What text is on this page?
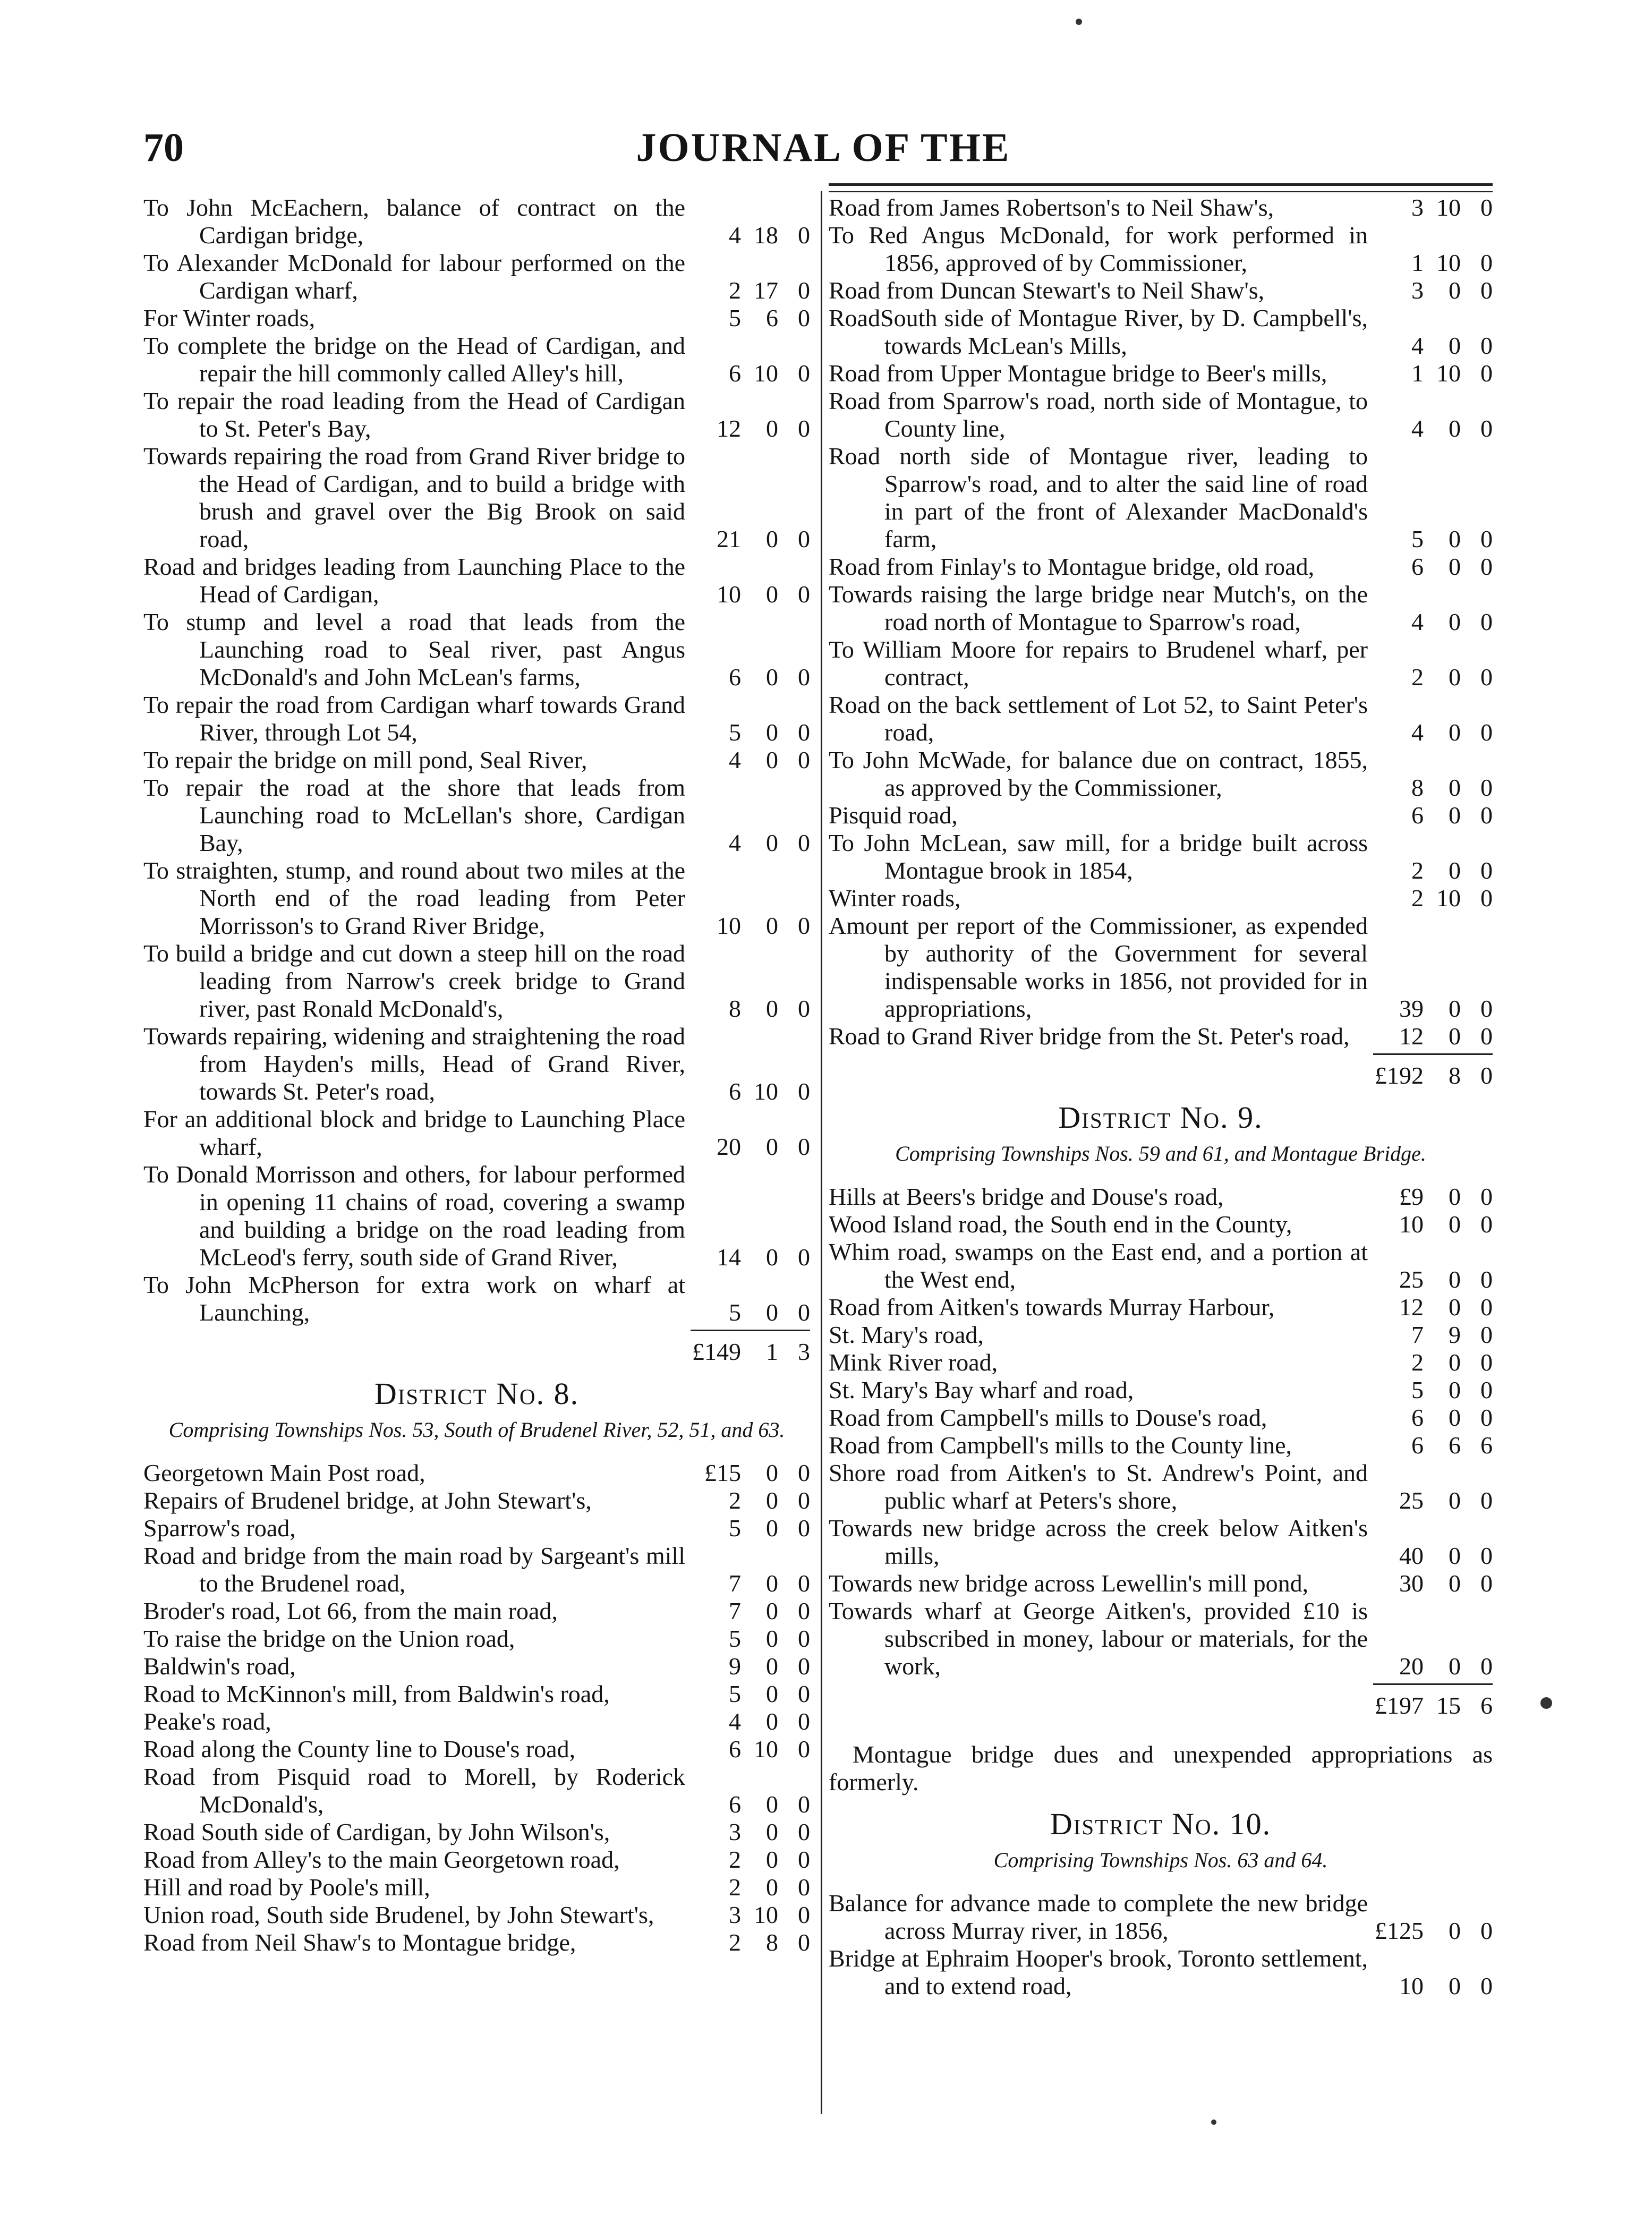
70	JOURNAL OF THE
To John McEachern, balance of contract on the Cardigan bridge,	4 18 0
To Alexander McDonald for labour performed on the Cardigan wharf,	2 17 0
For Winter roads,	5	6 0
To complete the bridge on the Head of Cardigan, and repair the hill commonly called Alley's hill,	6 10 0
To repair the road leading from the Head of Cardigan to St. Peter's Bay,	12	0 0
Towards repairing the road from Grand River bridge to the Head of Cardigan, and to build a bridge with brush and gravel over the Big Brook on said road,	21	0 0
Road and bridges leading from Launching Place to the Head of Cardigan,	10	0 0
To stump and level a road that leads from the Launching road to Seal river, past Angus McDonald's and John McLean's farms,	6	0 0
To repair the road from Cardigan wharf towards Grand River, through Lot 54,	5	0 0
To repair the bridge on mill pond, Seal River,	4	0 0
To repair the road at the shore that leads from Launching road to McLellan's shore, Cardigan Bay,	4	0 0
To straighten, stump, and round about two miles at the North end of the road leading from Peter Morrisson's to Grand River Bridge,	10	0 0
To build a bridge and cut down a steep hill on the road leading from Narrow's creek bridge to Grand river, past Ronald McDonald's,	8	0 0
Towards repairing, widening and straightening the road from Hayden's mills, Head of Grand River, towards St. Peter's road,	6 10 0
For an additional block and bridge to Launching Place wharf,	20	0 0
To Donald Morrisson and others, for labour performed in opening 11 chains of road, covering a swamp and building a bridge on the road leading from McLeod's ferry, south side of Grand River,	14	0 0
To John McPherson for extra work on wharf at Launching,	5	0 0
£149	1 3
District No. 8.
Comprising Townships Nos. 53, South of Brudenel River, 52, 51, and 63.
Georgetown Main Post road,	£15	0 0
Repairs of Brudenel bridge, at John Stewart's,	2	0 0
Sparrow's road,	5	0 0
Road and bridge from the main road by Sargeant's mill to the Brudenel road,	7	0 0
Broder's road, Lot 66, from the main road,	7	0 0
To raise the bridge on the Union road,	5	0 0
Baldwin's road,	9	0 0
Road to McKinnon's mill, from Baldwin's road,	5	0 0
Peake's road,	4	0 0
Road along the County line to Douse's road,	6 10 0
Road from Pisquid road to Morell, by Roderick McDonald's,	6	0 0
Road South side of Cardigan, by John Wilson's,	3	0 0
Road from Alley's to the main Georgetown road,	2	0 0
Hill and road by Poole's mill,	2	0 0
Union road, South side Brudenel, by John Stewart's,	3 10 0
Road from Neil Shaw's to Montague bridge,	2	8 0
Road from James Robertson's to Neil Shaw's,	3 10 0
To Red Angus McDonald, for work performed in 1856, approved of by Commissioner,	1 10 0
Road from Duncan Stewart's to Neil Shaw's,	3	0 0
RoadSouth side of Montague River, by D. Campbell's, towards McLean's Mills,	4	0 0
Road from Upper Montague bridge to Beer's mills,	1 10 0
Road from Sparrow's road, north side of Montague, to County line,	4	0 0
Road north side of Montague river, leading to Sparrow's road, and to alter the said line of road in part of the front of Alexander MacDonald's farm,	5	0 0
Road from Finlay's to Montague bridge, old road,	6	0 0
Towards raising the large bridge near Mutch's, on the road north of Montague to Sparrow's road,	4	0 0
To William Moore for repairs to Brudenel wharf, per contract,	2	0 0
Road on the back settlement of Lot 52, to Saint Peter's road,	4	0 0
To John McWade, for balance due on contract, 1855, as approved by the Commissioner,	8	0 0
Pisquid road,	6	0 0
To John McLean, saw mill, for a bridge built across Montague brook in 1854,	2	0 0
Winter roads,	2 10 0
Amount per report of the Commissioner, as expended by authority of the Government for several indispensable works in 1856, not provided for in appropriations,	39	0 0
Road to Grand River bridge from the St. Peter's road,	12	0 0
£192	8 0
District No. 9.
Comprising Townships Nos. 59 and 61, and Montague Bridge.
Hills at Beers's bridge and Douse's road,	£9	0 0
Wood Island road, the South end in the County,	10	0 0
Whim road, swamps on the East end, and a portion at the West end,	25	0 0
Road from Aitken's towards Murray Harbour,	12	0 0
St. Mary's road,	7	9 0
Mink River road,	2	0 0
St. Mary's Bay wharf and road,	5	0 0
Road from Campbell's mills to Douse's road,	6	0 0
Road from Campbell's mills to the County line,	6	6 6
Shore road from Aitken's to St. Andrew's Point, and public wharf at Peters's shore,	25	0 0
Towards new bridge across the creek below Aitken's mills,	40	0 0
Towards new bridge across Lewellin's mill pond,	30	0 0
Towards wharf at George Aitken's, provided £10 is subscribed in money, labour or materials, for the work,	20	0 0
£197 15 6
Montague bridge dues and unexpended appropriations as formerly.
District No. 10.
Comprising Townships Nos. 63 and 64.
Balance for advance made to complete the new bridge across Murray river, in 1856,	£125	0 0
Bridge at Ephraim Hooper's brook, Toronto settlement, and to extend road,	10	0 0
